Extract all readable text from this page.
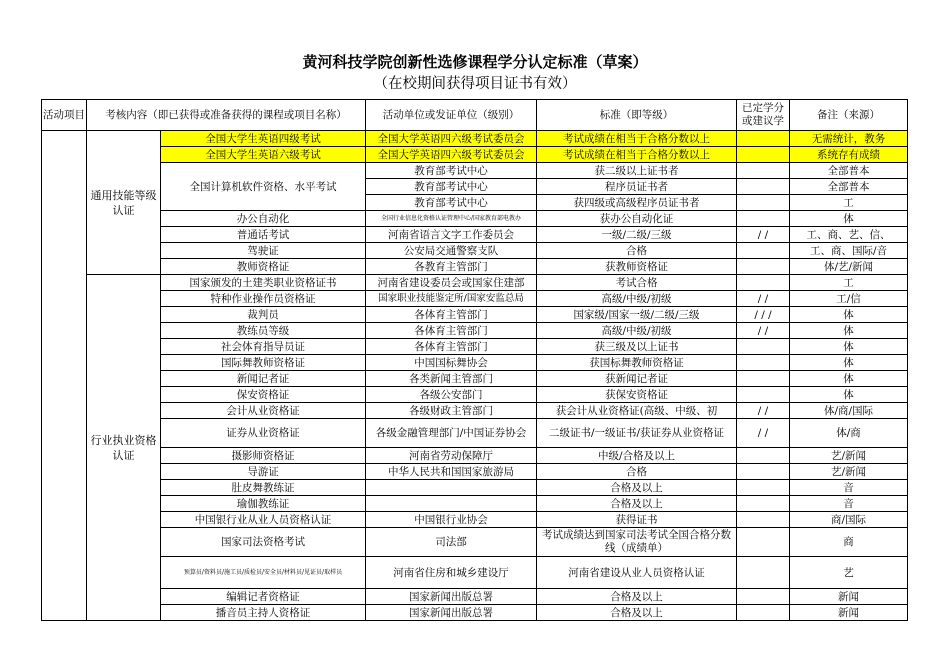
黄河科技学院创新性选修课程学分认定标准（草案）
（在校期间获得项目证书有效）
活动项目	考核内容（即已获得或准备获得的课程或项目名称）		活动单位或发证单位（级别）	标准（即等级）	已定学分或建议学	备注（来源）
	通用技能等级认证	全国大学生英语四级考试	全国大学英语四六级考试委员会	考试成绩在相当于合格分数以上		无需统计，教务
		全国大学生英语六级考试	全国大学英语四六级考试委员会	考试成绩在相当于合格分数以上		系统存有成绩
		全国计算机软件资格、水平考试	教育部考试中心	获二级以上证书者		全部普本
			教育部考试中心	程序员证书者		全部普本
			教育部考试中心	获四级或高级程序员证书者		工
		办公自动化	全国行业信息化资格认证管理中心/国家教育部电教办	获办公自动化证		体
		普通话考试	河南省语言文字工作委员会	一级/二级/三级	/ /	工、商、艺、信、
		驾驶证	公安局交通警察支队	合格		工、商、国际/音
		教师资格证	各教育主管部门	获教师资格证		体/艺/新闻
	行业执业资格认证	国家颁发的土建类职业资格证书	河南省建设委员会或国家住建部	考试合格		工
		特种作业操作员资格证	国家职业技能鉴定所/国家安监总局	高级/中级/初级	/ /	工/信
		裁判员	各体育主管部门	国家级/国家一级/二级/三级	/ / /	体
		教练员等级	各体育主管部门	高级/中级/初级	/ /	体
		社会体育指导员证	各体育主管部门	获三级及以上证书		体
		国际舞教师资格证	中国国标舞协会	获国标舞教师资格证		体
		新闻记者证	各类新闻主管部门	获新闻记者证		体
		保安资格证	各级公安部门	获保安资格证		体
		会计从业资格证	各级财政主管部门	获会计从业资格证(高级、中级、初	/ /	体/商/国际
		证券从业资格证	各级金融管理部门/中国证券协会	二级证书/一级证书/获证券从业资格证	/ /	体/商
		摄影师资格证	河南省劳动保障厅	中级/合格及以上		艺/新闻
		导游证	中华人民共和国国家旅游局	合格		艺/新闻
		肚皮舞教练证		合格及以上		音
		瑜伽教练证		合格及以上		音
		中国银行业从业人员资格认证	中国银行业协会	获得证书		商/国际
		国家司法资格考试	司法部	考试成绩达到国家司法考试全国合格分数线（成绩单）		商
		预算员/资料员/施工员/质检员/安全员/材料员/见证员/取样员	河南省住房和城乡建设厅	河南省建设从业人员资格认证		艺
		编辑记者资格证	国家新闻出版总署	合格及以上		新闻
		播音员主持人资格证	国家新闻出版总署	合格及以上		新闻
